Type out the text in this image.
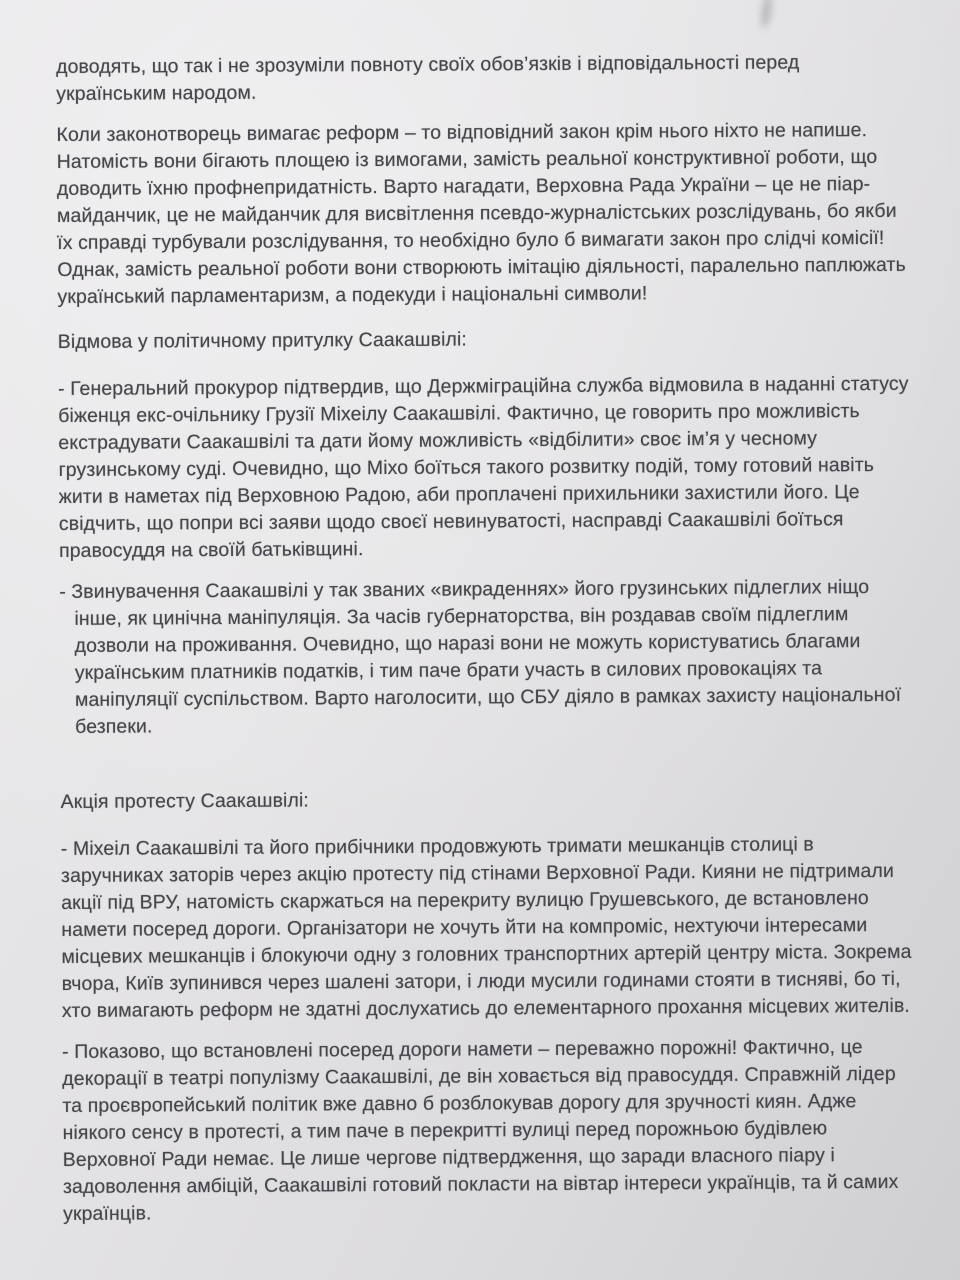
доводять, що так і не зрозуміли повноту своїх обов’язків і відповідальності перед українським народом.

Коли законотворець вимагає реформ – то відповідний закон крім нього ніхто не напише. Натомість вони бігають площею із вимогами, замість реальної конструктивної роботи, що доводить їхню профнепридатність. Варто нагадати, Верховна Рада України – це не піар-майданчик, це не майданчик для висвітлення псевдо-журналістських розслідувань, бо якби їх справді турбували розслідування, то необхідно було б вимагати закон про слідчі комісії! Однак, замість реальної роботи вони створюють імітацію діяльності, паралельно паплюжать український парламентаризм, а подекуди і національні символи!

Відмова у політичному притулку Саакашвілі:

- Генеральний прокурор підтвердив, що Держміграційна служба відмовила в наданні статусу біженця екс-очільнику Грузії Міхеілу Саакашвілі. Фактично, це говорить про можливість екстрадувати Саакашвілі та дати йому можливість «відбілити» своє ім’я у чесному грузинському суді. Очевидно, що Міхо боїться такого розвитку подій, тому готовий навіть жити в наметах під Верховною Радою, аби проплачені прихильники захистили його. Це свідчить, що попри всі заяви щодо своєї невинуватості, насправді Саакашвілі боїться правосуддя на своїй батьківщині.

- Звинувачення Саакашвілі у так званих «викраденнях» його грузинських підлеглих ніщо інше, як цинічна маніпуляція. За часів губернаторства, він роздавав своїм підлеглим дозволи на проживання. Очевидно, що наразі вони не можуть користуватись благами українським платників податків, і тим паче брати участь в силових провокаціях та маніпуляції суспільством. Варто наголосити, що СБУ діяло в рамках захисту національної безпеки.

Акція протесту Саакашвілі:

- Міхеіл Саакашвілі та його прибічники продовжують тримати мешканців столиці в заручниках заторів через акцію протесту під стінами Верховної Ради. Кияни не підтримали акції під ВРУ, натомість скаржаться на перекриту вулицю Грушевського, де встановлено намети посеред дороги. Організатори не хочуть йти на компроміс, нехтуючи інтересами місцевих мешканців і блокуючи одну з головних транспортних артерій центру міста. Зокрема вчора, Київ зупинився через шалені затори, і люди мусили годинами стояти в тисняві, бо ті, хто вимагають реформ не здатні дослухатись до елементарного прохання місцевих жителів.

- Показово, що встановлені посеред дороги намети – переважно порожні! Фактично, це декорації в театрі популізму Саакашвілі, де він ховається від правосуддя. Справжній лідер та проєвропейський політик вже давно б розблокував дорогу для зручності киян. Адже ніякого сенсу в протесті, а тим паче в перекритті вулиці перед порожньою будівлею Верховної Ради немає. Це лише чергове підтвердження, що заради власного піару і задоволення амбіцій, Саакашвілі готовий покласти на вівтар інтереси українців, та й самих українців.
